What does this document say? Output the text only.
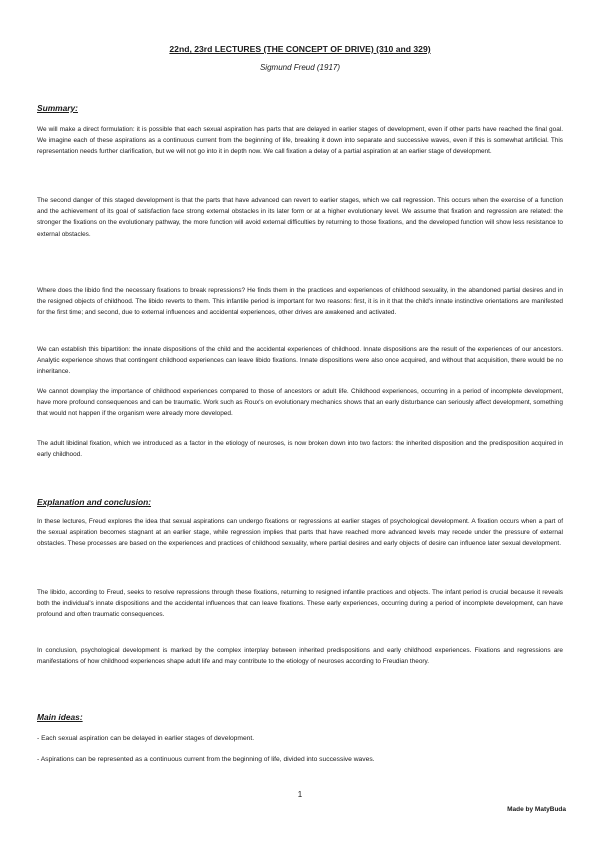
22nd, 23rd LECTURES (THE CONCEPT OF DRIVE) (310 and 329)
Sigmund Freud (1917)
Summary:

We will make a direct formulation: it is possible that each sexual aspiration has parts that are delayed in earlier stages of development, even if other parts have reached the final goal. We imagine each of these aspirations as a continuous current from the beginning of life, breaking it down into separate and successive waves, even if this is somewhat artificial. This representation needs further clarification, but we will not go into it in depth now. We call fixation a delay of a partial aspiration at an earlier stage of development.

The second danger of this staged development is that the parts that have advanced can revert to earlier stages, which we call regression. This occurs when the exercise of a function and the achievement of its goal of satisfaction face strong external obstacles in its later form or at a higher evolutionary level. We assume that fixation and regression are related: the stronger the fixations on the evolutionary pathway, the more function will avoid external difficulties by returning to those fixations, and the developed function will show less resistance to external obstacles.

Where does the libido find the necessary fixations to break repressions? He finds them in the practices and experiences of childhood sexuality, in the abandoned partial desires and in the resigned objects of childhood. The libido reverts to them. This infantile period is important for two reasons: first, it is in it that the child's innate instinctive orientations are manifested for the first time; and second, due to external influences and accidental experiences, other drives are awakened and activated.

We can establish this bipartition: the innate dispositions of the child and the accidental experiences of childhood. Innate dispositions are the result of the experiences of our ancestors. Analytic experience shows that contingent childhood experiences can leave libido fixations. Innate dispositions were also once acquired, and without that acquisition, there would be no inheritance.

We cannot downplay the importance of childhood experiences compared to those of ancestors or adult life. Childhood experiences, occurring in a period of incomplete development, have more profound consequences and can be traumatic. Work such as Roux's on evolutionary mechanics shows that an early disturbance can seriously affect development, something that would not happen if the organism were already more developed.

The adult libidinal fixation, which we introduced as a factor in the etiology of neuroses, is now broken down into two factors: the inherited disposition and the predisposition acquired in early childhood.

Explanation and conclusion:

In these lectures, Freud explores the idea that sexual aspirations can undergo fixations or regressions at earlier stages of psychological development. A fixation occurs when a part of the sexual aspiration becomes stagnant at an earlier stage, while regression implies that parts that have reached more advanced levels may recede under the pressure of external obstacles. These processes are based on the experiences and practices of childhood sexuality, where partial desires and early objects of desire can influence later sexual development.

The libido, according to Freud, seeks to resolve repressions through these fixations, returning to resigned infantile practices and objects. The infant period is crucial because it reveals both the individual's innate dispositions and the accidental influences that can leave fixations. These early experiences, occurring during a period of incomplete development, can have profound and often traumatic consequences.

In conclusion, psychological development is marked by the complex interplay between inherited predispositions and early childhood experiences. Fixations and regressions are manifestations of how childhood experiences shape adult life and may contribute to the etiology of neuroses according to Freudian theory.

Main ideas:

- Each sexual aspiration can be delayed in earlier stages of development.

- Aspirations can be represented as a continuous current from the beginning of life, divided into successive waves.

1
Made by MatyBuda
